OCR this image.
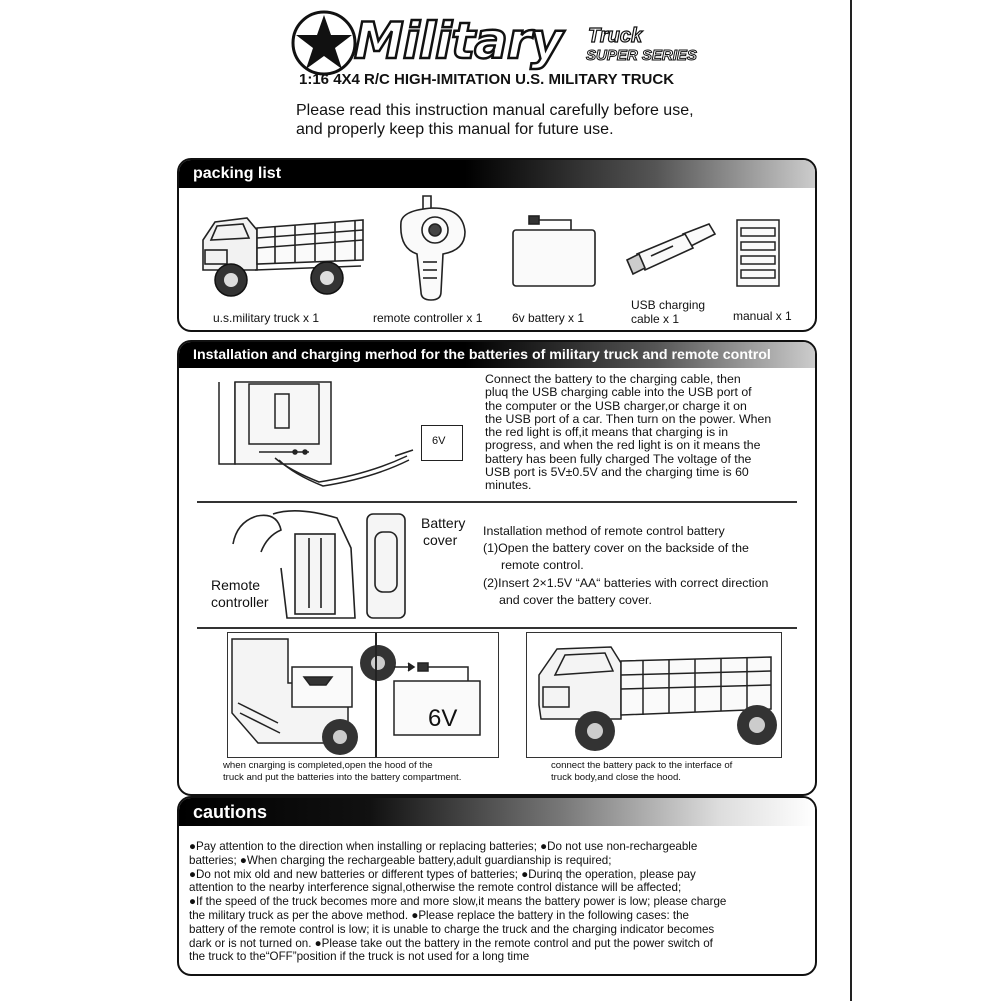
Military Truck
SUPER SERIES
1:16 4X4 R/C HIGH-IMITATION U.S. MILITARY TRUCK
Please read this instruction manual carefully before use,
and properly keep this manual for future use.
packing list
u.s.military truck x 1	remote controller x 1 6v battery x 1
USB charging
cable x 1	manual x 1
Installation and charging merhod for the batteries of military truck and remote control
6V
Connect the battery to the charging cable, then
pluq the USB charging cable into the USB port of
the computer or the USB charger,or charge it on
the USB port of a car. Then turn on the power. When
the red light is off,it means that charging is in
progress, and when the red light is on it means the
battery has been fully charged The voltage of the
USB port is 5V±0.5V and the charging time is 60
minutes.
Remote
controller
Battery
cover
Installation method of remote control battery
(1)Open the battery cover on the backside of the
remote control.
(2)Insert 2×1.5V “AA“ batteries with correct direction
and cover the battery cover.
6V
when cnarging is completed,open the hood of the
truck and put the batteries into the battery compartment.
connect the battery pack to the interface of
truck body,and close the hood.
cautions
●Pay attention to the direction when installing or replacing batteries; ●Do not use non-rechargeable
batteries; ●When charging the rechargeable battery,adult guardianship is required;
●Do not mix old and new batteries or different types of batteries; ●Durinq the operation, please pay
attention to the nearby interference signal,otherwise the remote control distance will be affected;
●If the speed of the truck becomes more and more slow,it means the battery power is low; please charge
the military truck as per the above method. ●Please replace the battery in the following cases: the
battery of the remote control is low; it is unable to charge the truck and the charging indicator becomes
dark or is not turned on. ●Please take out the battery in the remote control and put the power switch of
the truck to the“OFF”position if the truck is not used for a long time
